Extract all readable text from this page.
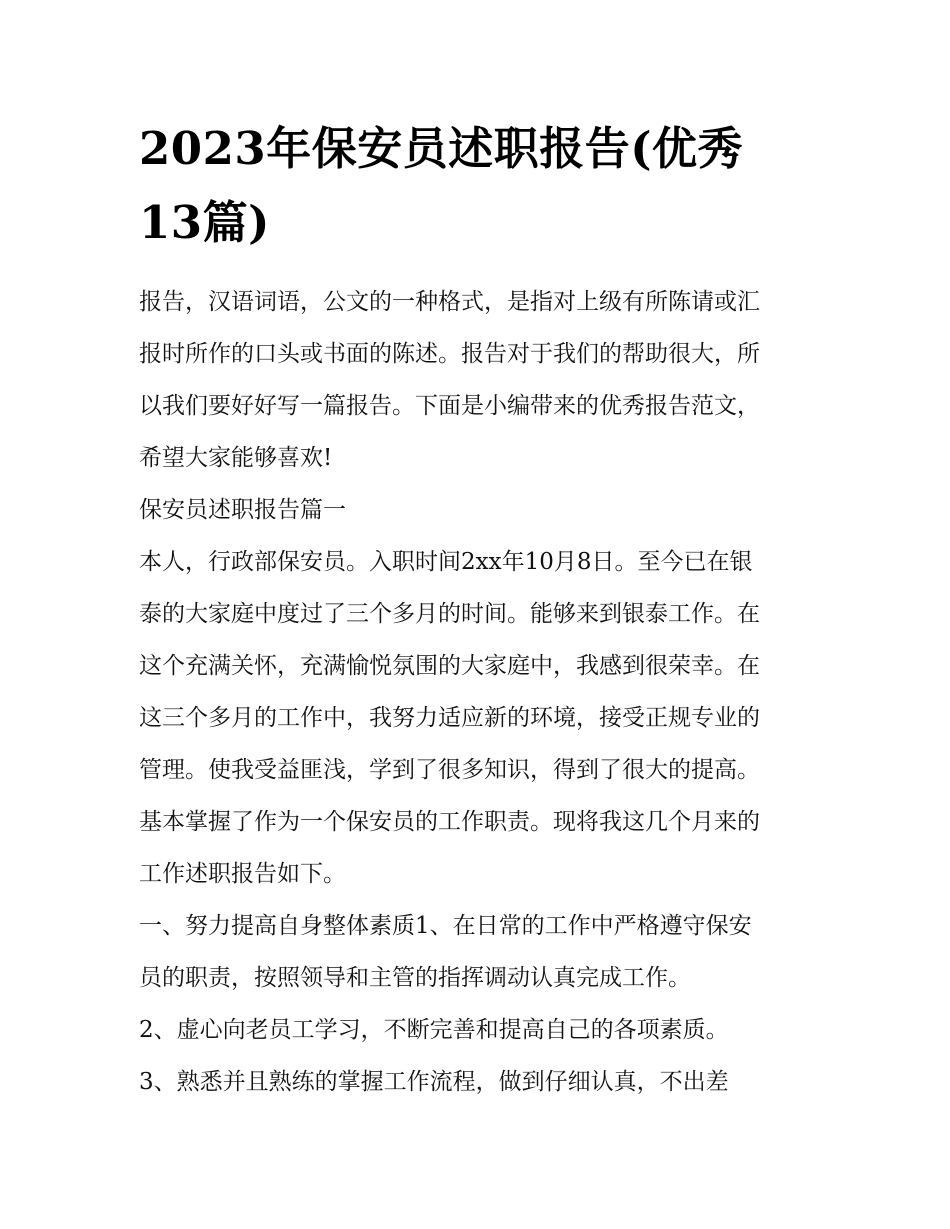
2023年保安员述职报告(优秀
13篇)
报告，汉语词语，公文的一种格式，是指对上级有所陈请或汇
报时所作的口头或书面的陈述。报告对于我们的帮助很大，所
以我们要好好写一篇报告。下面是小编带来的优秀报告范文，
希望大家能够喜欢!
保安员述职报告篇一
本人，行政部保安员。入职时间2xx年10月8日。至今已在银
泰的大家庭中度过了三个多月的时间。能够来到银泰工作。在
这个充满关怀，充满愉悦氛围的大家庭中，我感到很荣幸。在
这三个多月的工作中，我努力适应新的环境，接受正规专业的
管理。使我受益匪浅，学到了很多知识，得到了很大的提高。
基本掌握了作为一个保安员的工作职责。现将我这几个月来的
工作述职报告如下。
一、努力提高自身整体素质1、在日常的工作中严格遵守保安
员的职责，按照领导和主管的指挥调动认真完成工作。
2、虚心向老员工学习，不断完善和提高自己的各项素质。
3、熟悉并且熟练的掌握工作流程，做到仔细认真，不出差
